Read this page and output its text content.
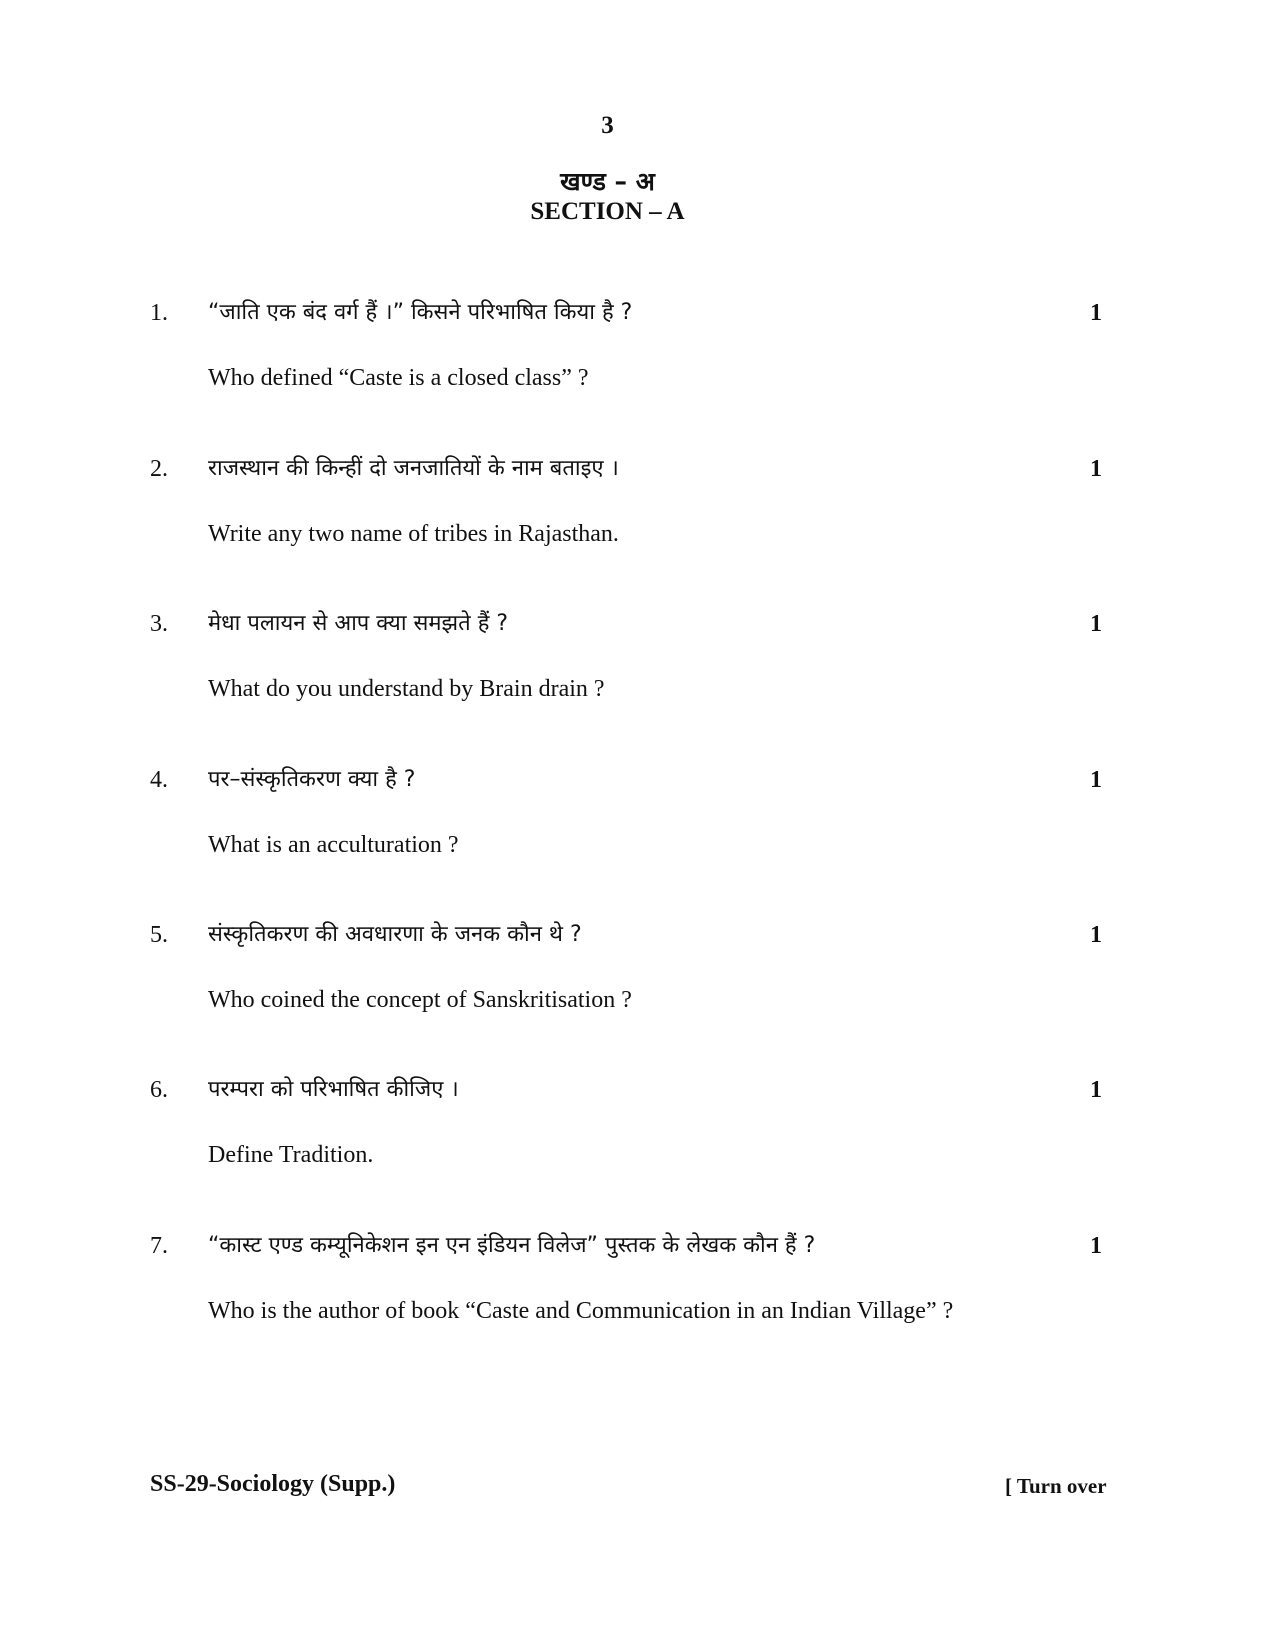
3
खण्ड – अ
SECTION – A
1. “जाति एक बंद वर्ग हैं ।” किसने परिभाषित किया है ?	1
Who defined “Caste is a closed class” ?
2. राजस्थान की किन्हीं दो जनजातियों के नाम बताइए ।	1
Write any two name of tribes in Rajasthan.
3. मेधा पलायन से आप क्या समझते हैं ?	1
What do you understand by Brain drain ?
4. पर–संस्कृतिकरण क्या है ?	1
What is an acculturation ?
5. संस्कृतिकरण की अवधारणा के जनक कौन थे ?	1
Who coined the concept of Sanskritisation ?
6. परम्परा को परिभाषित कीजिए ।	1
Define Tradition.
7. “कास्ट एण्ड कम्यूनिकेशन इन एन इंडियन विलेज” पुस्तक के लेखक कौन हैं ?	1
Who is the author of book “Caste and Communication in an Indian Village” ?
SS-29-Sociology (Supp.)	[ Turn over
